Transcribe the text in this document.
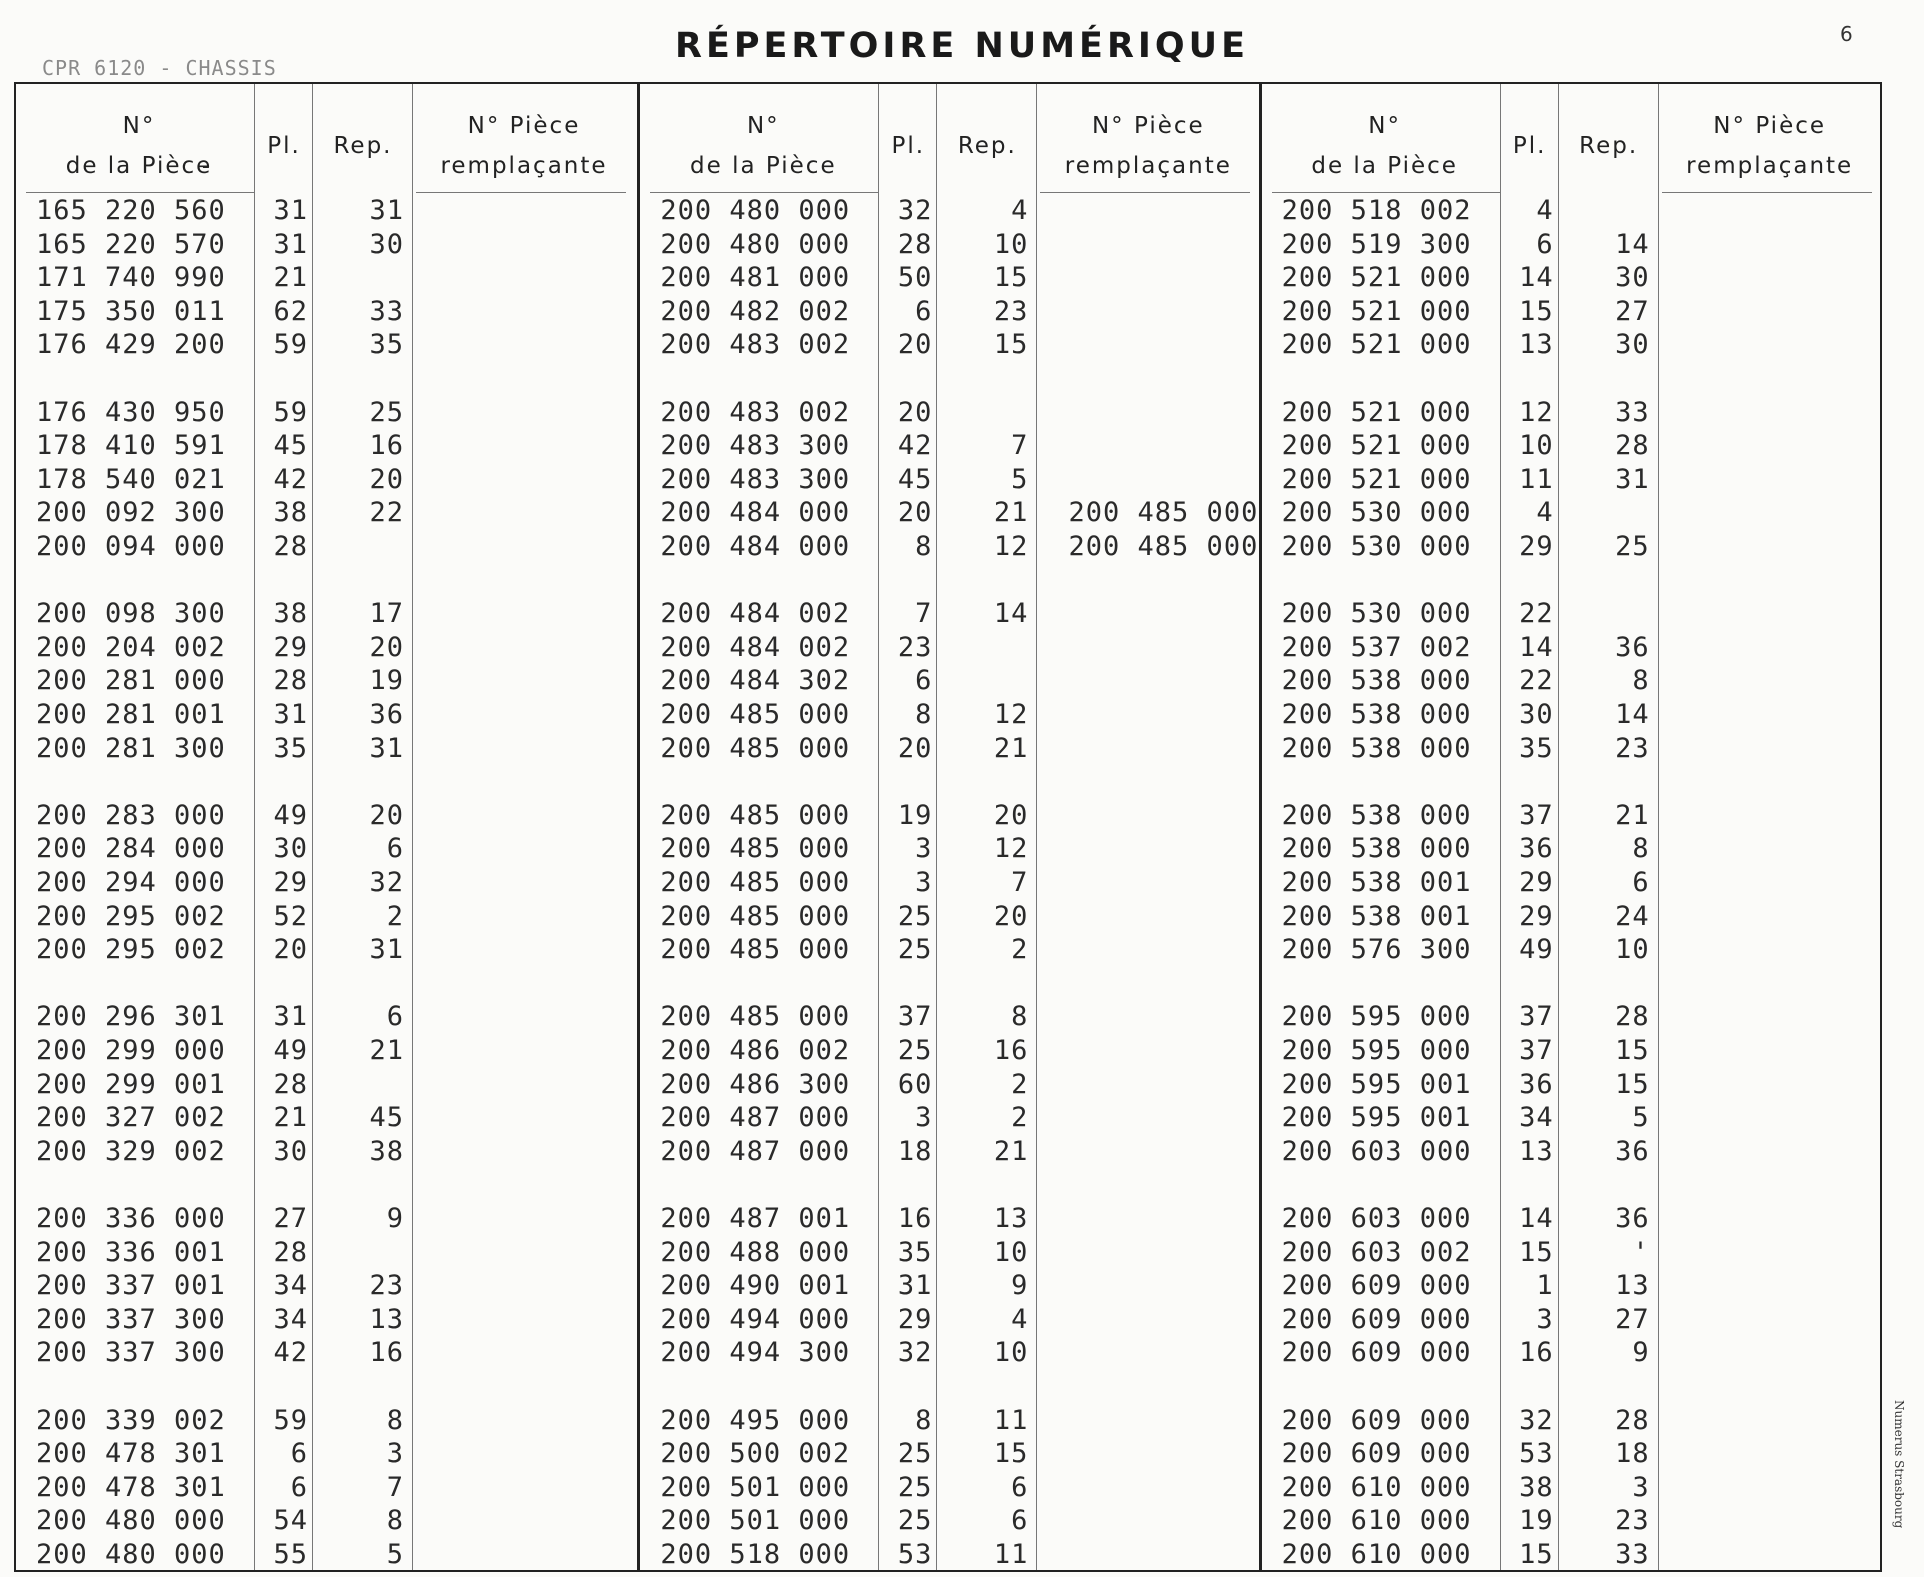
6
CPR 6120 - CHASSIS
RÉPERTOIRE NUMÉRIQUE
Numerus Strasbourg
N°
de la Pièce̵
Pl.	Rep.
N° Pièce
remplaçante
165 220 560	31	31
165 220 570	31	30
171 740 990	21
175 350 011	62	33
176 429 200	59	35
176 430 950	59	25
178 410 591	45	16
178 540 021	42	20
200 092 300	38	22
200 094 000	28
200 098 300	38	17
200 204 002	29	20
200 281 000	28	19
200 281 001	31	36
200 281 300	35	31
200 283 000	49	20
200 284 000	30	6
200 294 000	29	32
200 295 002	52	2
200 295 002	20	31
200 296 301	31	6
200 299 000	49	21
200 299 001	28
200 327 002	21	45
200 329 002	30	38
200 336 000	27	9
200 336 001	28
200 337 001	34	23
200 337 300	34	13
200 337 300	42	16
200 339 002	59	8
200 478 301	6	3
200 478 301	6	7
200 480 000	54	8
200 480 000	55	5
N°
de la Pièce
Pl.	Rep.
N° Pièce
remplaçante
200 480 000	32	4
200 480 000	28	10
200 481 000	50	15
200 482 002	6	23
200 483 002	20	15
200 483 002	20
200 483 300	42	7
200 483 300	45	5
200 484 000	20	21	200 485 000
200 484 000	8	12	200 485 000
200 484 002	7	14
200 484 002	23
200 484 302	6
200 485 000	8	12
200 485 000	20	21
200 485 000	19	20
200 485 000	3	12
200 485 000	3	7
200 485 000	25	20
200 485 000	25	2
200 485 000	37	8
200 486 002	25	16
200 486 300	60	2
200 487 000	3	2
200 487 000	18	21
200 487 001	16	13
200 488 000	35	10
200 490 001	31	9
200 494 000	29	4
200 494 300	32	10
200 495 000	8	11
200 500 002	25	15
200 501 000	25	6
200 501 000	25	6
200 518 000	53	11
N°
de la Pièce
Pl.	Rep.
N° Pièce
remplaçante
200 518 002	4
200 519 300	6	14
200 521 000	14	30
200 521 000	15	27
200 521 000	13	30
200 521 000	12	33
200 521 000	10	28
200 521 000	11	31
200 530 000	4
200 530 000	29	25
200 530 000	22
200 537 002	14	36
200 538 000	22	8
200 538 000	30	14
200 538 000	35	23
200 538 000	37	21
200 538 000	36	8
200 538 001	29	6
200 538 001	29	24
200 576 300	49	10
200 595 000	37	28
200 595 000	37	15
200 595 001	36	15
200 595 001	34	5
200 603 000	13	36
200 603 000	14	36
200 603 002	15	'
200 609 000	1	13
200 609 000	3	27
200 609 000	16	9
200 609 000	32	28
200 609 000	53	18
200 610 000	38	3
200 610 000	19	23
200 610 000	15	33
